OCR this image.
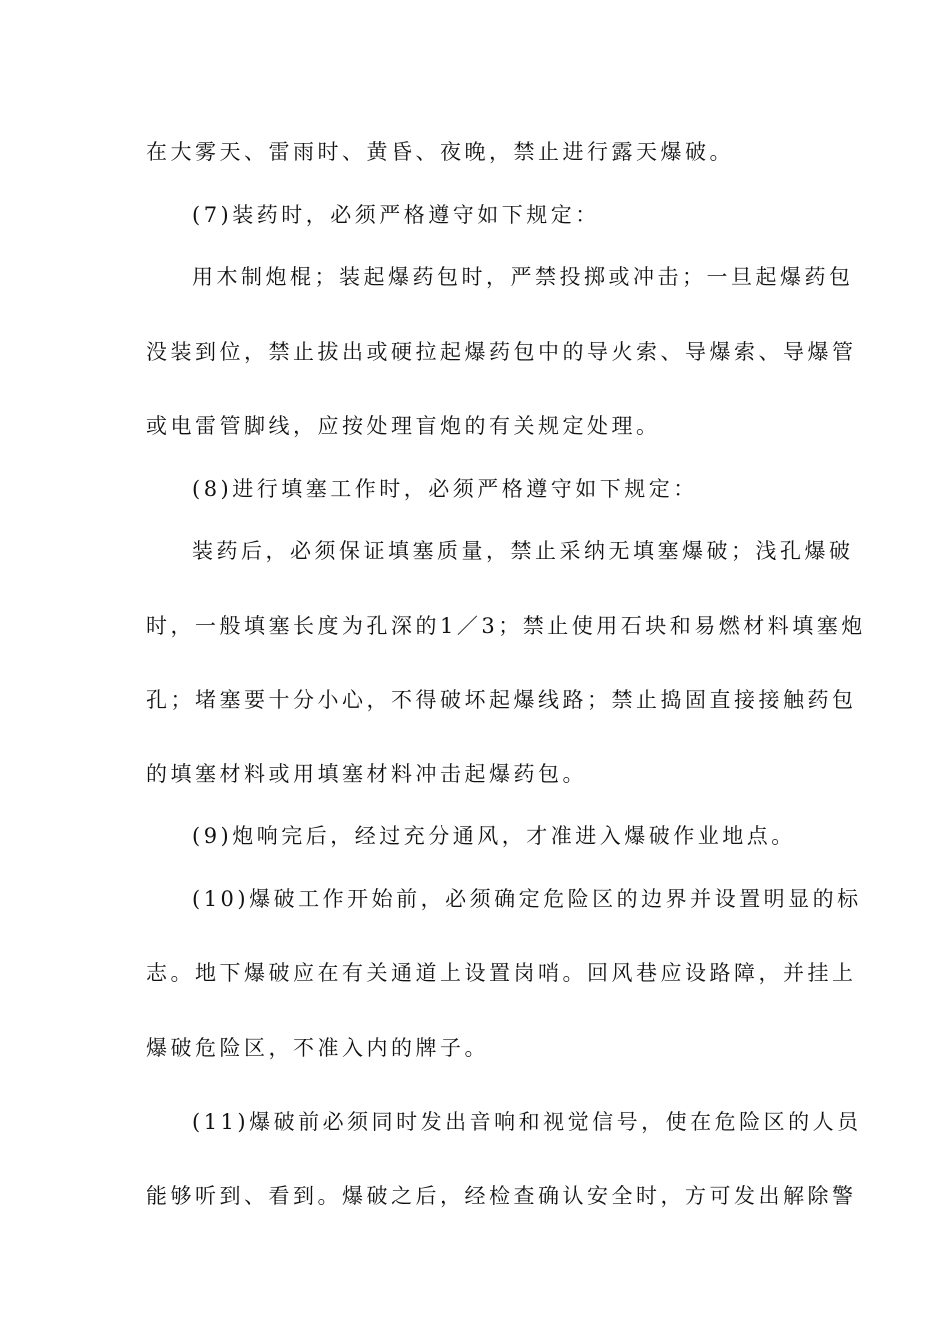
在大雾天、雷雨时、黄昏、夜晚，禁止进行露天爆破。
(7)装药时，必须严格遵守如下规定：
用木制炮棍；装起爆药包时，严禁投掷或冲击；一旦起爆药包
没装到位，禁止拔出或硬拉起爆药包中的导火索、导爆索、导爆管
或电雷管脚线，应按处理盲炮的有关规定处理。
(8)进行填塞工作时，必须严格遵守如下规定：
装药后，必须保证填塞质量，禁止采纳无填塞爆破；浅孔爆破
时，一般填塞长度为孔深的1／3；禁止使用石块和易燃材料填塞炮
孔；堵塞要十分小心，不得破坏起爆线路；禁止捣固直接接触药包
的填塞材料或用填塞材料冲击起爆药包。
(9)炮响完后，经过充分通风，才准进入爆破作业地点。
(10)爆破工作开始前，必须确定危险区的边界并设置明显的标
志。地下爆破应在有关通道上设置岗哨。回风巷应设路障，并挂上
爆破危险区，不准入内的牌子。
(11)爆破前必须同时发出音响和视觉信号，使在危险区的人员
能够听到、看到。爆破之后，经检查确认安全时，方可发出解除警
